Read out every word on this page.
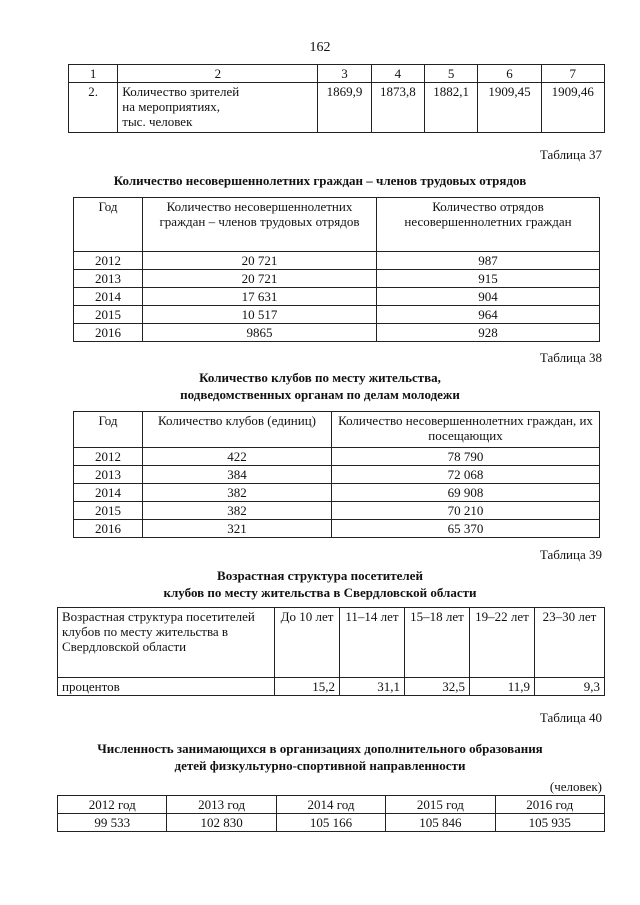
162
1	2	3	4	5	6	7
2.	Количество зрителей
на мероприятиях,
тыс. человек	1869,9	1873,8	1882,1	1909,45	1909,46
Таблица 37
Количество несовершеннолетних граждан – членов трудовых отрядов
Год	Количество несовершеннолетних граждан – членов трудовых отрядов	Количество отрядов несовершеннолетних граждан
2012	20 721	987
2013	20 721	915
2014	17 631	904
2015	10 517	964
2016	9865	928
Таблица 38
Количество клубов по месту жительства,
подведомственных органам по делам молодежи
Год	Количество клубов (единиц)	Количество несовершеннолетних граждан, их посещающих
2012	422	78 790
2013	384	72 068
2014	382	69 908
2015	382	70 210
2016	321	65 370
Таблица 39
Возрастная структура посетителей
клубов по месту жительства в Свердловской области
Возрастная структура посетителей клубов по месту жительства в Свердловской области	До 10 лет	11–14 лет	15–18 лет	19–22 лет	23–30 лет
процентов	15,2	31,1	32,5	11,9	9,3
Таблица 40
Численность занимающихся в организациях дополнительного образования
детей физкультурно-спортивной направленности
(человек)
2012 год	2013 год	2014 год	2015 год	2016 год
99 533	102 830	105 166	105 846	105 935
